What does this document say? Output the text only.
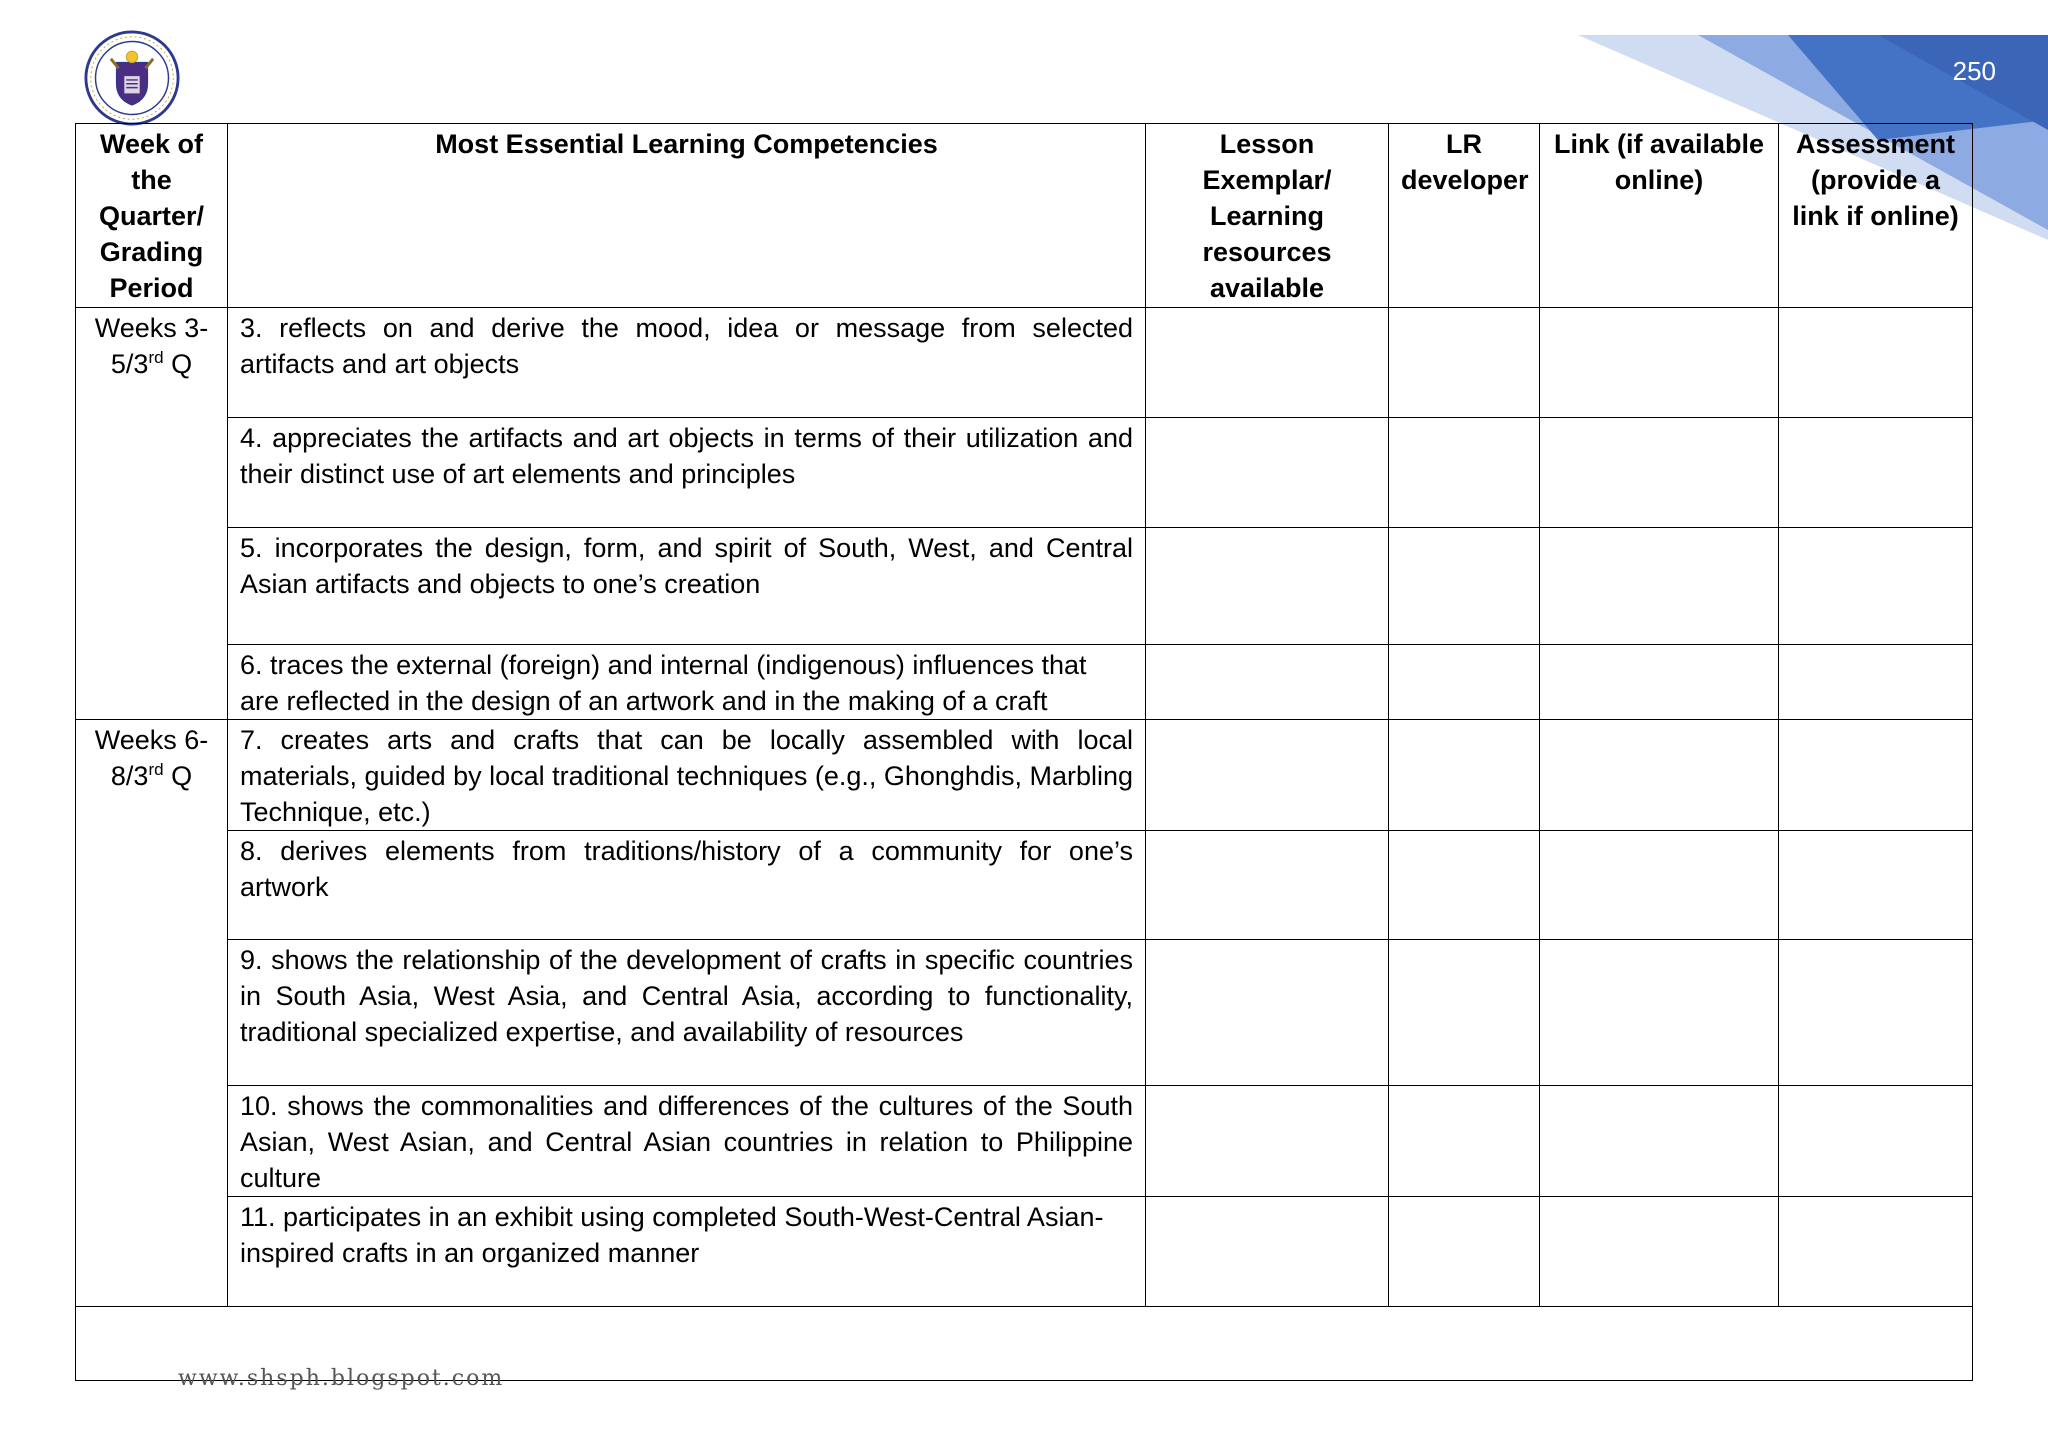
250
Week of the Quarter/ Grading Period	Most Essential Learning Competencies	Lesson Exemplar/ Learning resources available	LR developer	Link (if available online)	Assessment (provide a link if online)
Weeks 3-5/3rd Q	3. reflects on and derive the mood, idea or message from selected artifacts and art objects				
	4. appreciates the artifacts and art objects in terms of their utilization and their distinct use of art elements and principles				
	5. incorporates the design, form, and spirit of South, West, and Central Asian artifacts and objects to one’s creation				
	6. traces the external (foreign) and internal (indigenous) influences that are reflected in the design of an artwork and in the making of a craft				
Weeks 6-8/3rd Q	7. creates arts and crafts that can be locally assembled with local materials, guided by local traditional techniques (e.g., Ghonghdis, Marbling Technique, etc.)				
	8. derives elements from traditions/history of a community for one’s artwork				
	9. shows the relationship of the development of crafts in specific countries in South Asia, West Asia, and Central Asia, according to functionality, traditional specialized expertise, and availability of resources				
	10. shows the commonalities and differences of the cultures of the South Asian, West Asian, and Central Asian countries in relation to Philippine culture				
	11. participates in an exhibit using completed South-West-Central Asian-inspired crafts in an organized manner				

www.shsph.blogspot.com
